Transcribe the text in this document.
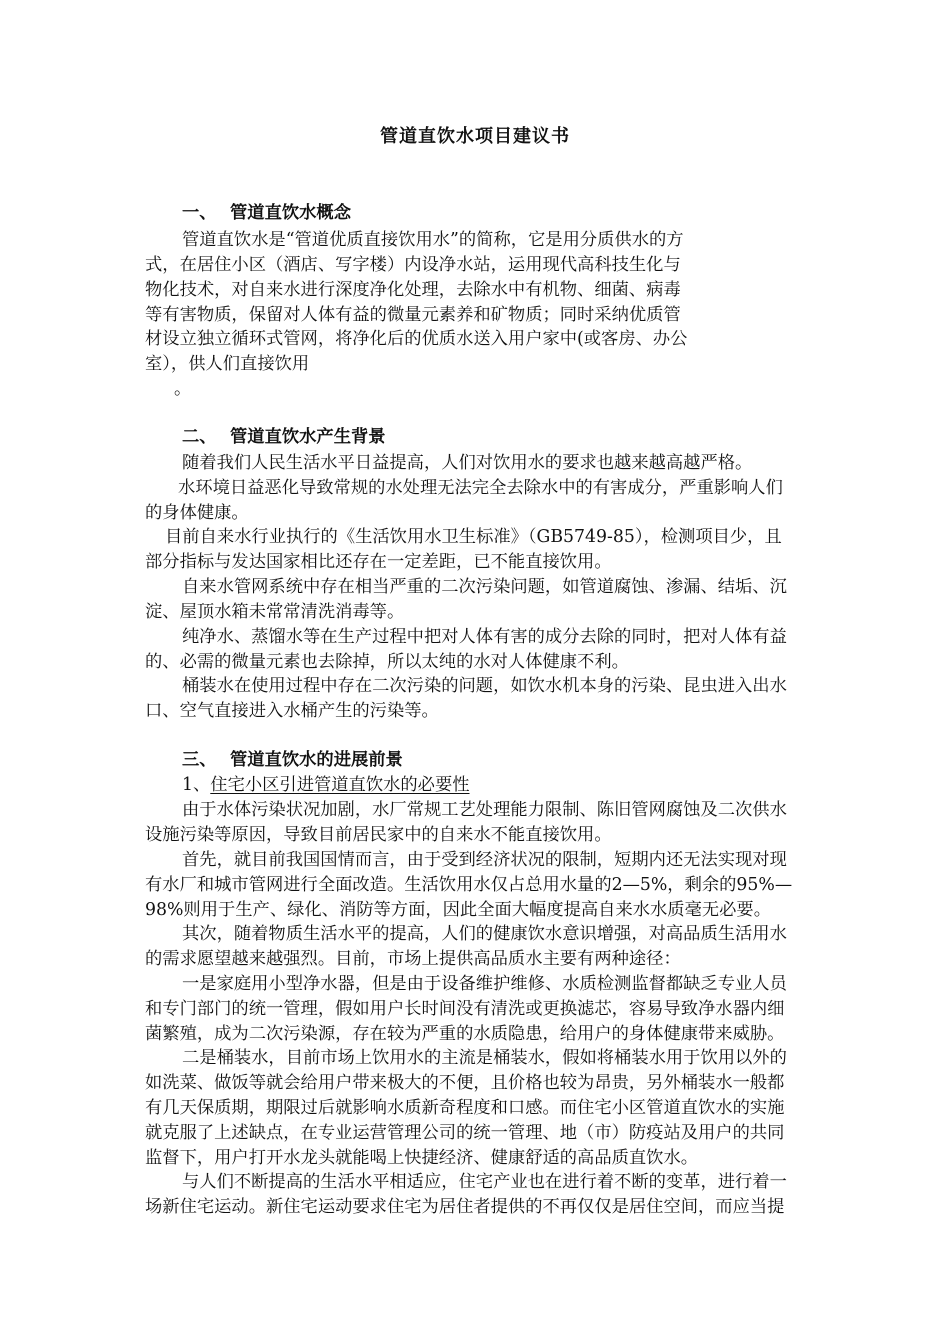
管道直饮水项目建议书
一、 管道直饮水概念
管道直饮水是“管道优质直接饮用水”的简称，它是用分质供水的方
式，在居住小区（酒店、写字楼）内设净水站，运用现代高科技生化与
物化技术，对自来水进行深度净化处理，去除水中有机物、细菌、病毒
等有害物质，保留对人体有益的微量元素养和矿物质；同时采纳优质管
材设立独立循环式管网，将净化后的优质水送入用户家中(或客房、办公
室），供人们直接饮用
。
二、 管道直饮水产生背景
随着我们人民生活水平日益提高，人们对饮用水的要求也越来越高越严格。
水环境日益恶化导致常规的水处理无法完全去除水中的有害成分，严重影响人们
的身体健康。
目前自来水行业执行的《生活饮用水卫生标准》（GB5749-85），检测项目少，且
部分指标与发达国家相比还存在一定差距，已不能直接饮用。
自来水管网系统中存在相当严重的二次污染问题，如管道腐蚀、渗漏、结垢、沉
淀、屋顶水箱未常常清洗消毒等。
纯净水、蒸馏水等在生产过程中把对人体有害的成分去除的同时，把对人体有益
的、必需的微量元素也去除掉，所以太纯的水对人体健康不利。
桶装水在使用过程中存在二次污染的问题，如饮水机本身的污染、昆虫进入出水
口、空气直接进入水桶产生的污染等。
三、 管道直饮水的进展前景
1、住宅小区引进管道直饮水的必要性
由于水体污染状况加剧，水厂常规工艺处理能力限制、陈旧管网腐蚀及二次供水
设施污染等原因，导致目前居民家中的自来水不能直接饮用。
首先，就目前我国国情而言，由于受到经济状况的限制，短期内还无法实现对现
有水厂和城市管网进行全面改造。生活饮用水仅占总用水量的2—5%，剩余的95%—
98%则用于生产、绿化、消防等方面，因此全面大幅度提高自来水水质毫无必要。
其次，随着物质生活水平的提高，人们的健康饮水意识增强，对高品质生活用水
的需求愿望越来越强烈。目前，市场上提供高品质水主要有两种途径：
一是家庭用小型净水器，但是由于设备维护维修、水质检测监督都缺乏专业人员
和专门部门的统一管理，假如用户长时间没有清洗或更换滤芯，容易导致净水器内细
菌繁殖，成为二次污染源，存在较为严重的水质隐患，给用户的身体健康带来威胁。
二是桶装水，目前市场上饮用水的主流是桶装水，假如将桶装水用于饮用以外的
如洗菜、做饭等就会给用户带来极大的不便，且价格也较为昂贵，另外桶装水一般都
有几天保质期，期限过后就影响水质新奇程度和口感。而住宅小区管道直饮水的实施
就克服了上述缺点，在专业运营管理公司的统一管理、地（市）防疫站及用户的共同
监督下，用户打开水龙头就能喝上快捷经济、健康舒适的高品质直饮水。
与人们不断提高的生活水平相适应，住宅产业也在进行着不断的变革，进行着一
场新住宅运动。新住宅运动要求住宅为居住者提供的不再仅仅是居住空间，而应当提
